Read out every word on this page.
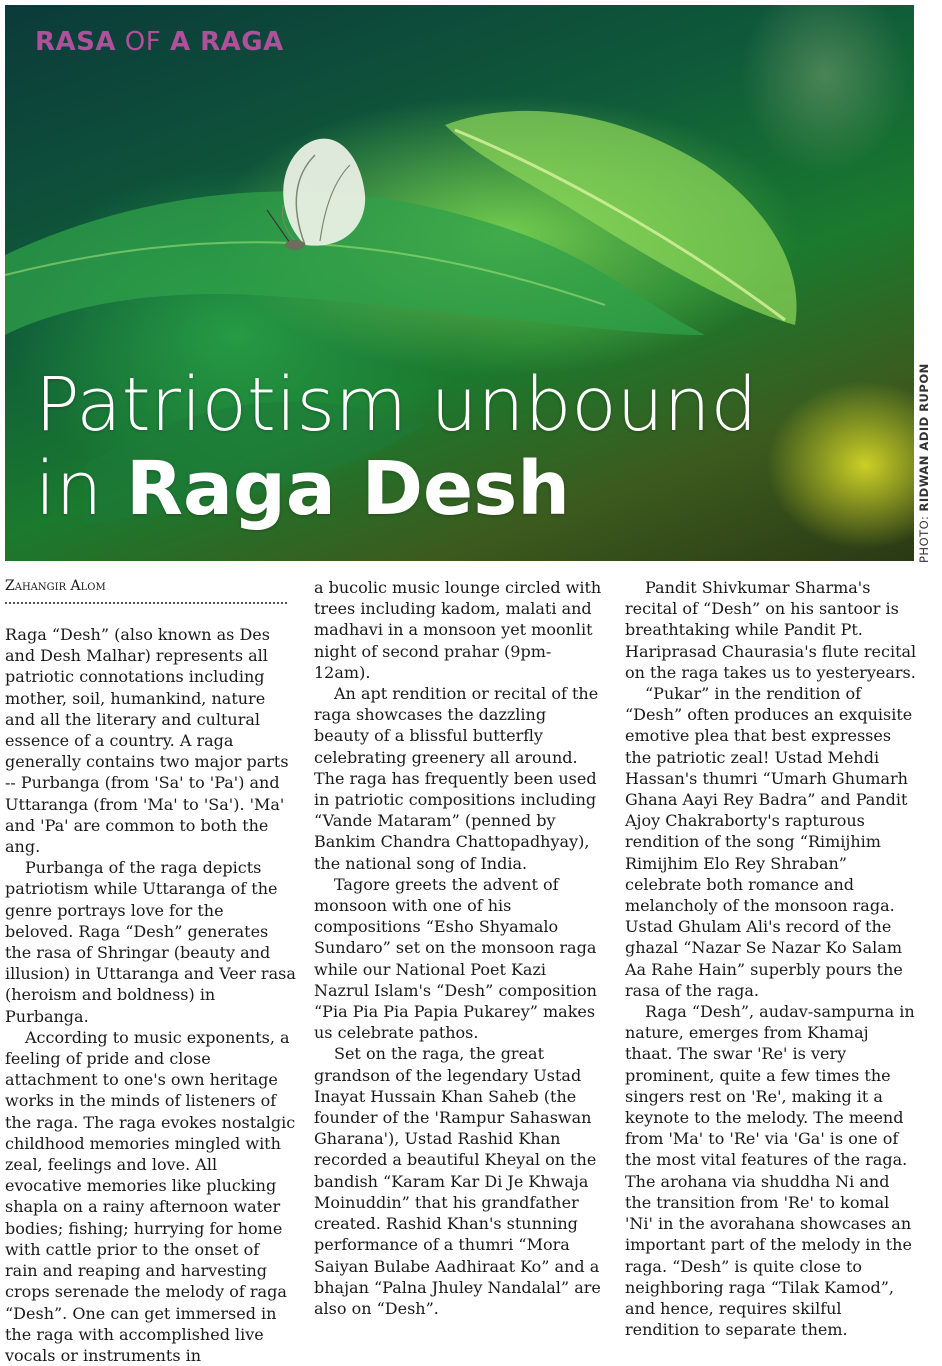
RASA OF A RAGA
Patriotism unbound
in Raga Desh
PHOTO: RIDWAN ADID RUPON
Zahangir Alom

Raga “Desh” (also known as Des and Desh Malhar) represents all patriotic connotations including mother, soil, humankind, nature and all the literary and cultural essence of a country. A raga generally contains two major parts -- Purbanga (from 'Sa' to 'Pa') and Uttaranga (from 'Ma' to 'Sa'). 'Ma' and 'Pa' are common to both the ang.

Purbanga of the raga depicts patriotism while Uttaranga of the genre portrays love for the beloved. Raga “Desh” generates the rasa of Shringar (beauty and illusion) in Uttaranga and Veer rasa (heroism and boldness) in Purbanga.

According to music exponents, a feeling of pride and close attachment to one's own heritage works in the minds of listeners of the raga. The raga evokes nostalgic childhood memories mingled with zeal, feelings and love. All evocative memories like plucking shapla on a rainy afternoon water bodies; fishing; hurrying for home with cattle prior to the onset of rain and reaping and harvesting crops serenade the melody of raga “Desh”. One can get immersed in the raga with accomplished live vocals or instruments in

a bucolic music lounge circled with trees including kadom, malati and madhavi in a monsoon yet moonlit night of second prahar (9pm-12am).

An apt rendition or recital of the raga showcases the dazzling beauty of a blissful butterfly celebrating greenery all around. The raga has frequently been used in patriotic compositions including “Vande Mataram” (penned by Bankim Chandra Chattopadhyay), the national song of India.

Tagore greets the advent of monsoon with one of his compositions “Esho Shyamalo Sundaro” set on the monsoon raga while our National Poet Kazi Nazrul Islam's “Desh” composition “Pia Pia Pia Papia Pukarey” makes us celebrate pathos.

Set on the raga, the great grandson of the legendary Ustad Inayat Hussain Khan Saheb (the founder of the 'Rampur Sahaswan Gharana'), Ustad Rashid Khan recorded a beautiful Kheyal on the bandish “Karam Kar Di Je Khwaja Moinuddin” that his grandfather created. Rashid Khan's stunning performance of a thumri “Mora Saiyan Bulabe Aadhiraat Ko” and a bhajan “Palna Jhuley Nandalal” are also on “Desh”.

Pandit Shivkumar Sharma's recital of “Desh” on his santoor is breathtaking while Pandit Pt. Hariprasad Chaurasia's flute recital on the raga takes us to yesteryears.

“Pukar” in the rendition of “Desh” often produces an exquisite emotive plea that best expresses the patriotic zeal! Ustad Mehdi Hassan's thumri “Umarh Ghumarh Ghana Aayi Rey Badra” and Pandit Ajoy Chakraborty's rapturous rendition of the song “Rimijhim Rimijhim Elo Rey Shraban” celebrate both romance and melancholy of the monsoon raga. Ustad Ghulam Ali's record of the ghazal “Nazar Se Nazar Ko Salam Aa Rahe Hain” superbly pours the rasa of the raga.

Raga “Desh”, audav-sampurna in nature, emerges from Khamaj thaat. The swar 'Re' is very prominent, quite a few times the singers rest on 'Re', making it a keynote to the melody. The meend from 'Ma' to 'Re' via 'Ga' is one of the most vital features of the raga. The arohana via shuddha Ni and the transition from 'Re' to komal 'Ni' in the avorahana showcases an important part of the melody in the raga. “Desh” is quite close to neighboring raga “Tilak Kamod”, and hence, requires skilful rendition to separate them.
